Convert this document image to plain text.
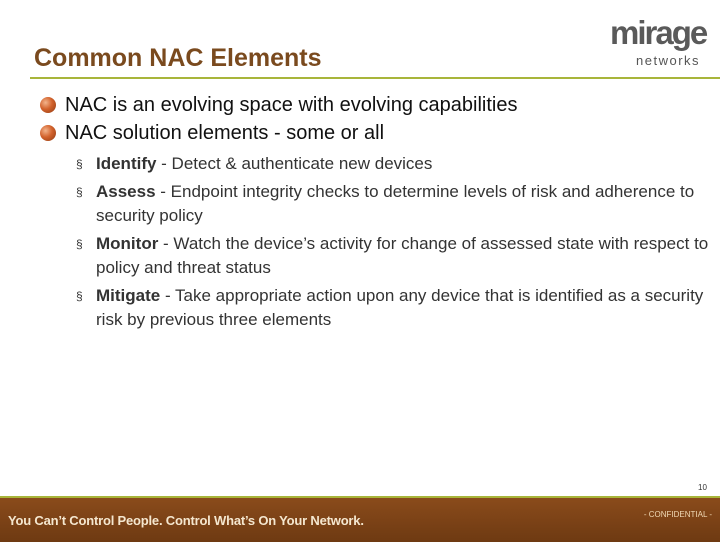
Common NAC Elements
mirage
networks

NAC is an evolving space with evolving capabilities

NAC solution elements - some or all

§ Identify - Detect & authenticate new devices
§ Assess - Endpoint integrity checks to determine levels of risk and adherence to security policy
§ Monitor - Watch the device’s activity for change of assessed state with respect to policy and threat status
§ Mitigate - Take appropriate action upon any device that is identified as a security risk by previous three elements
10
You Can’t Control People. Control What’s On Your Network.	- CONFIDENTIAL -
